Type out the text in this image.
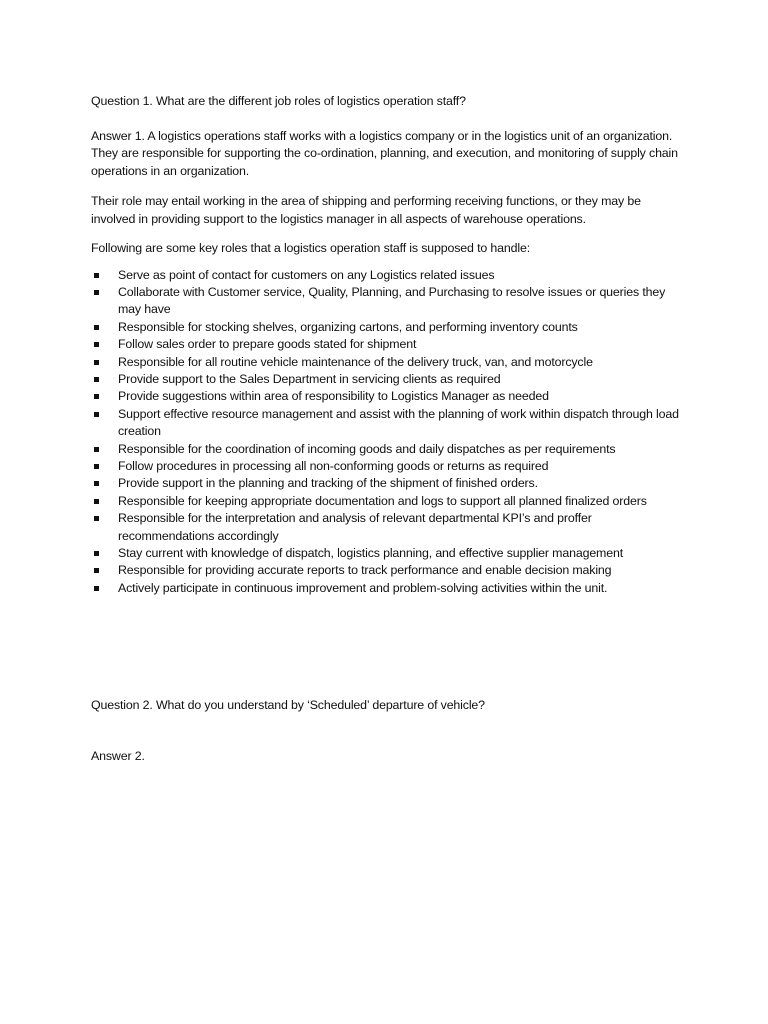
Question 1. What are the different job roles of logistics operation staff?

Answer 1. A logistics operations staff works with a logistics company or in the logistics unit of an organization. They are responsible for supporting the co-ordination, planning, and execution, and monitoring of supply chain operations in an organization.

Their role may entail working in the area of shipping and performing receiving functions, or they may be involved in providing support to the logistics manager in all aspects of warehouse operations.

Following are some key roles that a logistics operation staff is supposed to handle:

Serve as point of contact for customers on any Logistics related issues
Collaborate with Customer service, Quality, Planning, and Purchasing to resolve issues or queries they may have
Responsible for stocking shelves, organizing cartons, and performing inventory counts
Follow sales order to prepare goods stated for shipment
Responsible for all routine vehicle maintenance of the delivery truck, van, and motorcycle
Provide support to the Sales Department in servicing clients as required
Provide suggestions within area of responsibility to Logistics Manager as needed
Support effective resource management and assist with the planning of work within dispatch through load creation
Responsible for the coordination of incoming goods and daily dispatches as per requirements
Follow procedures in processing all non-conforming goods or returns as required
Provide support in the planning and tracking of the shipment of finished orders.
Responsible for keeping appropriate documentation and logs to support all planned finalized orders
Responsible for the interpretation and analysis of relevant departmental KPI’s and proffer recommendations accordingly
Stay current with knowledge of dispatch, logistics planning, and effective supplier management
Responsible for providing accurate reports to track performance and enable decision making
Actively participate in continuous improvement and problem-solving activities within the unit.

Question 2. What do you understand by ‘Scheduled’ departure of vehicle?

Answer 2.
